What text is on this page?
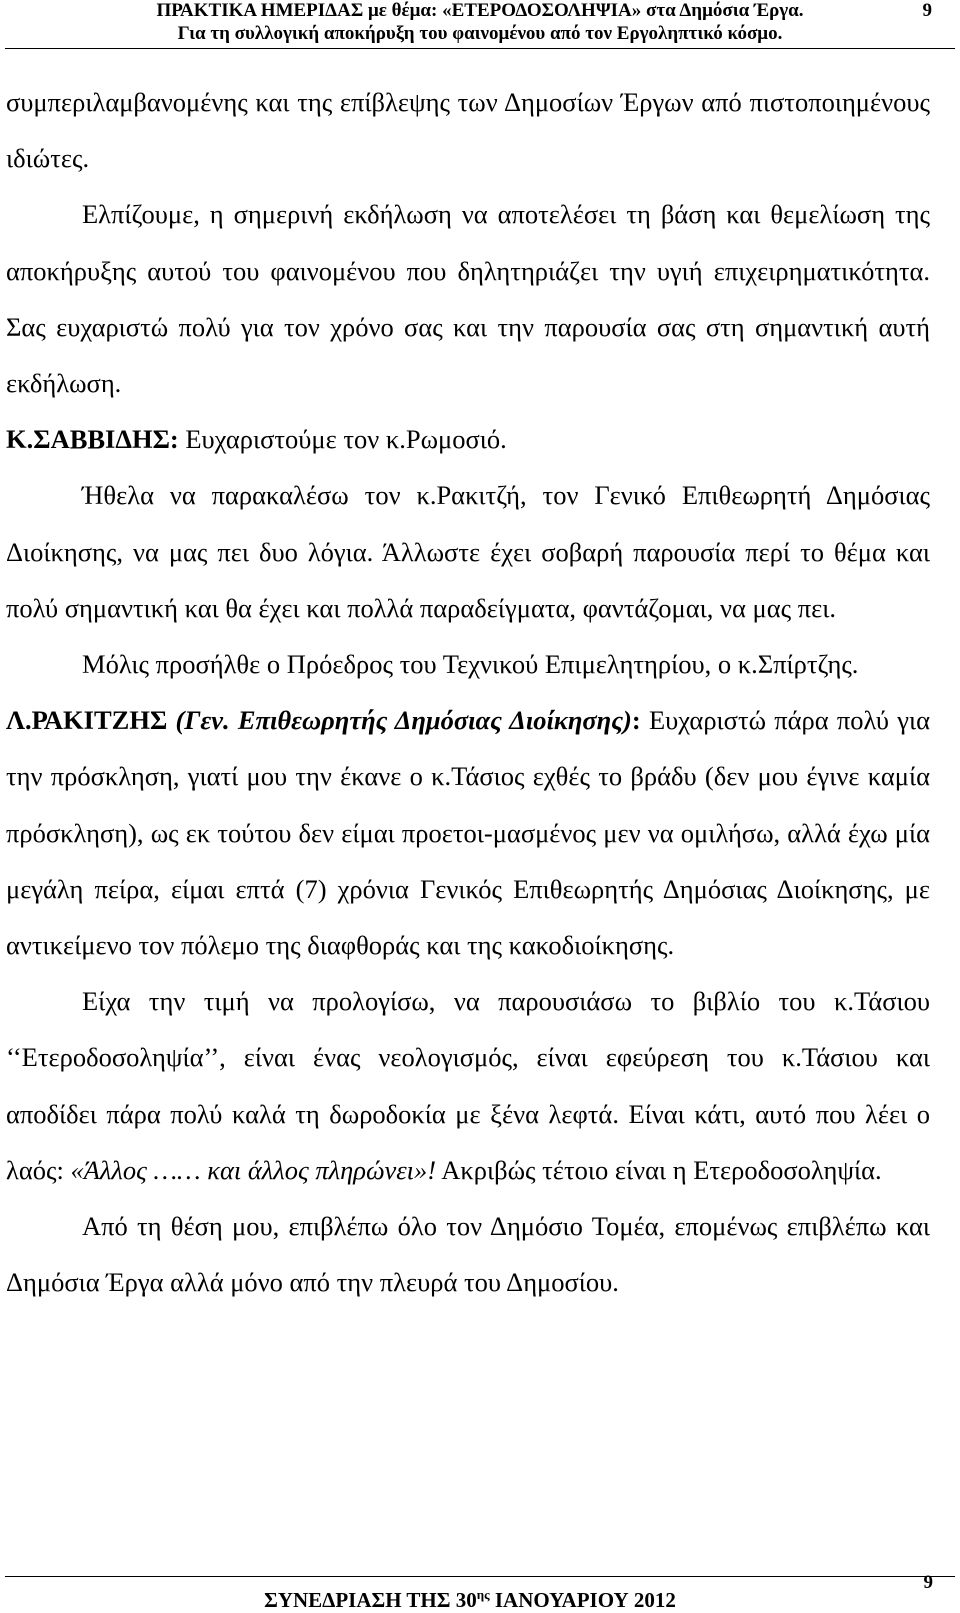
ΠΡΑΚΤΙΚΑ ΗΜΕΡΙΔΑΣ με θέμα: «ΕΤΕΡΟΔΟΣΟΛΗΨΙΑ» στα Δημόσια Έργα.
Για τη συλλογική αποκήρυξη του φαινομένου από τον Εργοληπτικό κόσμο.
9

συμπεριλαμβανομένης και της επίβλεψης των Δημοσίων Έργων από πιστοποιημένους ιδιώτες.

Ελπίζουμε, η σημερινή εκδήλωση να αποτελέσει τη βάση και θεμελίωση της αποκήρυξης αυτού του φαινομένου που δηλητηριάζει την υγιή επιχειρηματικότητα. Σας ευχαριστώ πολύ για τον χρόνο σας και την παρουσία σας στη σημαντική αυτή εκδήλωση.

Κ.ΣΑΒΒΙΔΗΣ: Ευχαριστούμε τον κ.Ρωμοσιό.

Ήθελα να παρακαλέσω τον κ.Ρακιτζή, τον Γενικό Επιθεωρητή Δημόσιας Διοίκησης, να μας πει δυο λόγια. Άλλωστε έχει σοβαρή παρουσία περί το θέμα και πολύ σημαντική και θα έχει και πολλά παραδείγματα, φαντάζομαι, να μας πει.

Μόλις προσήλθε ο Πρόεδρος του Τεχνικού Επιμελητηρίου, ο κ.Σπίρτζης.

Λ.ΡΑΚΙΤΖΗΣ (Γεν. Επιθεωρητής Δημόσιας Διοίκησης): Ευχαριστώ πάρα πολύ για την πρόσκληση, γιατί μου την έκανε ο κ.Τάσιος εχθές το βράδυ (δεν μου έγινε καμία πρόσκληση), ως εκ τούτου δεν είμαι προετοι-μασμένος μεν να ομιλήσω, αλλά έχω μία μεγάλη πείρα, είμαι επτά (7) χρόνια Γενικός Επιθεωρητής Δημόσιας Διοίκησης, με αντικείμενο τον πόλεμο της διαφθοράς και της κακοδιοίκησης.

Είχα την τιμή να προλογίσω, να παρουσιάσω το βιβλίο του κ.Τάσιου ‘‘Ετεροδοσοληψία’’, είναι ένας νεολογισμός, είναι εφεύρεση του κ.Τάσιου και αποδίδει πάρα πολύ καλά τη δωροδοκία με ξένα λεφτά. Είναι κάτι, αυτό που λέει ο λαός: «Άλλος …… και άλλος πληρώνει»! Ακριβώς τέτοιο είναι η Ετεροδοσοληψία.

Από τη θέση μου, επιβλέπω όλο τον Δημόσιο Τομέα, επομένως επιβλέπω και Δημόσια Έργα αλλά μόνο από την πλευρά του Δημοσίου.

ΣΥΝΕΔΡΙΑΣΗ ΤΗΣ $30^{\eta\varsigma}$ ΙΑΝΟΥΑΡΙΟΥ 2012
9
